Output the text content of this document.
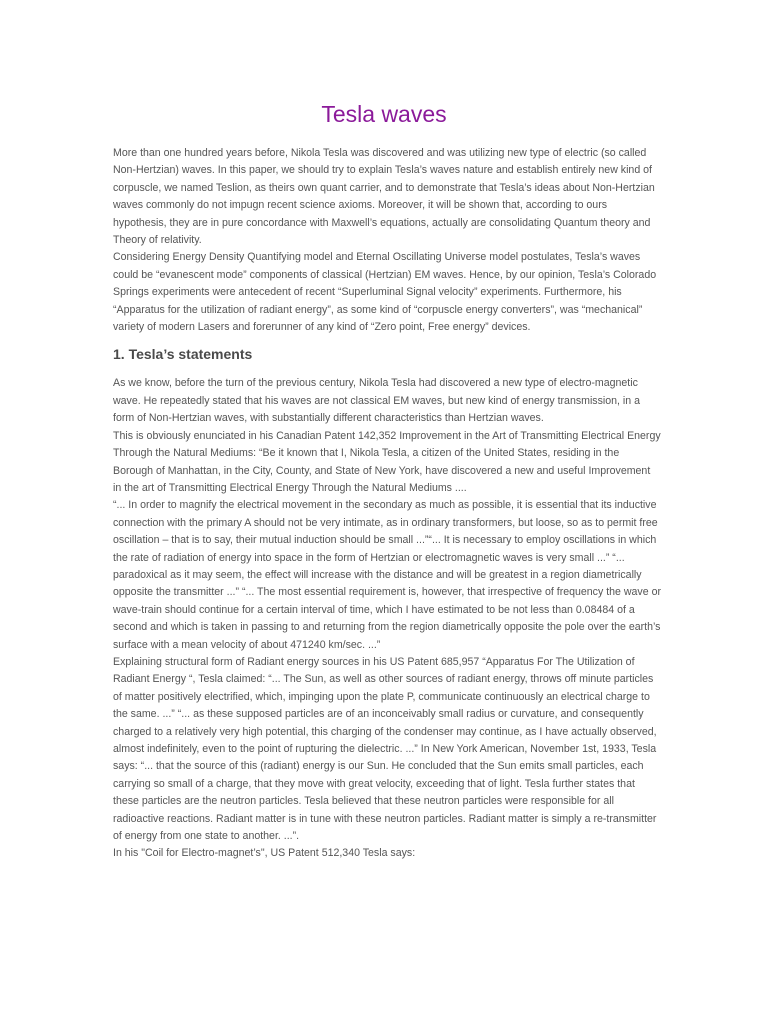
Tesla waves

More than one hundred years before, Nikola Tesla was discovered and was utilizing new type of electric (so called Non-Hertzian) waves. In this paper, we should try to explain Tesla’s waves nature and establish entirely new kind of corpuscle, we named Teslion, as theirs own quant carrier, and to demonstrate that Tesla’s ideas about Non-Hertzian waves commonly do not impugn recent science axioms. Moreover, it will be shown that, according to ours hypothesis, they are in pure concordance with Maxwell’s equations, actually are consolidating Quantum theory and Theory of relativity.

Considering Energy Density Quantifying model and Eternal Oscillating Universe model postulates, Tesla’s waves could be “evanescent mode” components of classical (Hertzian) EM waves. Hence, by our opinion, Tesla’s Colorado Springs experiments were antecedent of recent “Superluminal Signal velocity” experiments. Furthermore, his “Apparatus for the utilization of radiant energy”, as some kind of “corpuscle energy converters”, was “mechanical” variety of modern Lasers and forerunner of any kind of “Zero point, Free energy” devices.

1. Tesla’s statements

As we know, before the turn of the previous century, Nikola Tesla had discovered a new type of electro-magnetic wave. He repeatedly stated that his waves are not classical EM waves, but new kind of energy transmission, in a form of Non-Hertzian waves, with substantially different characteristics than Hertzian waves.

This is obviously enunciated in his Canadian Patent 142,352 Improvement in the Art of Transmitting Electrical Energy Through the Natural Mediums: “Be it known that I, Nikola Tesla, a citizen of the United States, residing in the Borough of Manhattan, in the City, County, and State of New York, have discovered a new and useful Improvement in the art of Transmitting Electrical Energy Through the Natural Mediums ....

“... In order to magnify the electrical movement in the secondary as much as possible, it is essential that its inductive connection with the primary A should not be very intimate, as in ordinary transformers, but loose, so as to permit free oscillation – that is to say, their mutual induction should be small ...”“... It is necessary to employ oscillations in which the rate of radiation of energy into space in the form of Hertzian or electromagnetic waves is very small ...” “... paradoxical as it may seem, the effect will increase with the distance and will be greatest in a region diametrically opposite the transmitter ...” “... The most essential requirement is, however, that irrespective of frequency the wave or wave-train should continue for a certain interval of time, which I have estimated to be not less than 0.08484 of a second and which is taken in passing to and returning from the region diametrically opposite the pole over the earth’s surface with a mean velocity of about 471240 km/sec. ...”

Explaining structural form of Radiant energy sources in his US Patent 685,957 “Apparatus For The Utilization of Radiant Energy “, Tesla claimed: “... The Sun, as well as other sources of radiant energy, throws off minute particles of matter positively electrified, which, impinging upon the plate P, communicate continuously an electrical charge to the same. ...” “... as these supposed particles are of an inconceivably small radius or curvature, and consequently charged to a relatively very high potential, this charging of the condenser may continue, as I have actually observed, almost indefinitely, even to the point of rupturing the dielectric. ...” In New York American, November 1st, 1933, Tesla says: “... that the source of this (radiant) energy is our Sun. He concluded that the Sun emits small particles, each carrying so small of a charge, that they move with great velocity, exceeding that of light. Tesla further states that these particles are the neutron particles. Tesla believed that these neutron particles were responsible for all radioactive reactions. Radiant matter is in tune with these neutron particles. Radiant matter is simply a re-transmitter of energy from one state to another. ...”.

In his "Coil for Electro-magnet’s", US Patent 512,340 Tesla says:
